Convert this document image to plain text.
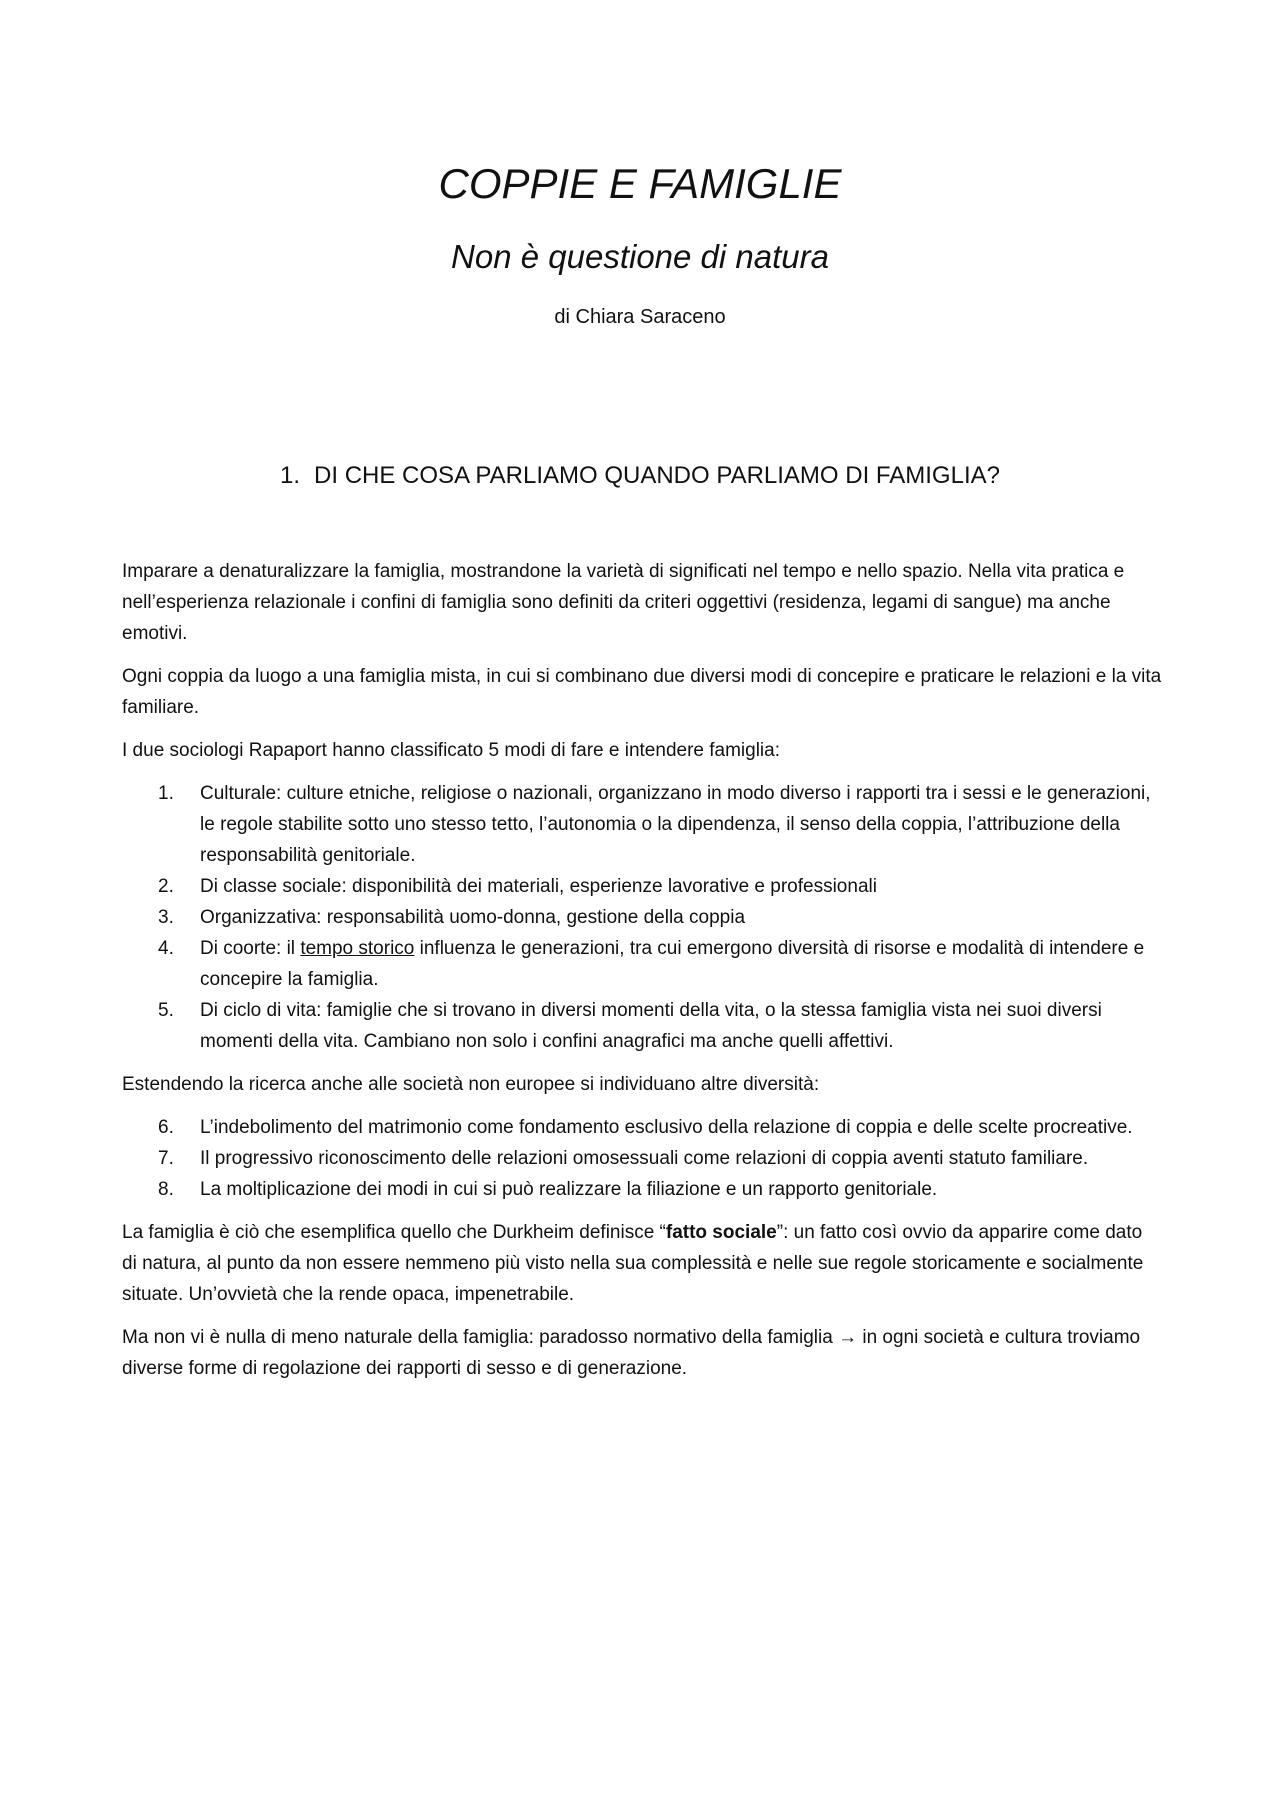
COPPIE E FAMIGLIE
Non è questione di natura
di Chiara Saraceno
1. DI CHE COSA PARLIAMO QUANDO PARLIAMO DI FAMIGLIA?

Imparare a denaturalizzare la famiglia, mostrandone la varietà di significati nel tempo e nello spazio. Nella vita pratica e nell’esperienza relazionale i confini di famiglia sono definiti da criteri oggettivi (residenza, legami di sangue) ma anche emotivi.

Ogni coppia da luogo a una famiglia mista, in cui si combinano due diversi modi di concepire e praticare le relazioni e la vita familiare.

I due sociologi Rapaport hanno classificato 5 modi di fare e intendere famiglia:

1. Culturale: culture etniche, religiose o nazionali, organizzano in modo diverso i rapporti tra i sessi e le generazioni, le regole stabilite sotto uno stesso tetto, l’autonomia o la dipendenza, il senso della coppia, l’attribuzione della responsabilità genitoriale.
2. Di classe sociale: disponibilità dei materiali, esperienze lavorative e professionali
3. Organizzativa: responsabilità uomo-donna, gestione della coppia
4. Di coorte: il tempo storico influenza le generazioni, tra cui emergono diversità di risorse e modalità di intendere e concepire la famiglia.
5. Di ciclo di vita: famiglie che si trovano in diversi momenti della vita, o la stessa famiglia vista nei suoi diversi momenti della vita. Cambiano non solo i confini anagrafici ma anche quelli affettivi.

Estendendo la ricerca anche alle società non europee si individuano altre diversità:

6. L’indebolimento del matrimonio come fondamento esclusivo della relazione di coppia e delle scelte procreative.
7. Il progressivo riconoscimento delle relazioni omosessuali come relazioni di coppia aventi statuto familiare.
8. La moltiplicazione dei modi in cui si può realizzare la filiazione e un rapporto genitoriale.

La famiglia è ciò che esemplifica quello che Durkheim definisce “fatto sociale”: un fatto così ovvio da apparire come dato di natura, al punto da non essere nemmeno più visto nella sua complessità e nelle sue regole storicamente e socialmente situate. Un’ovvietà che la rende opaca, impenetrabile.

Ma non vi è nulla di meno naturale della famiglia: paradosso normativo della famiglia → in ogni società e cultura troviamo diverse forme di regolazione dei rapporti di sesso e di generazione.
